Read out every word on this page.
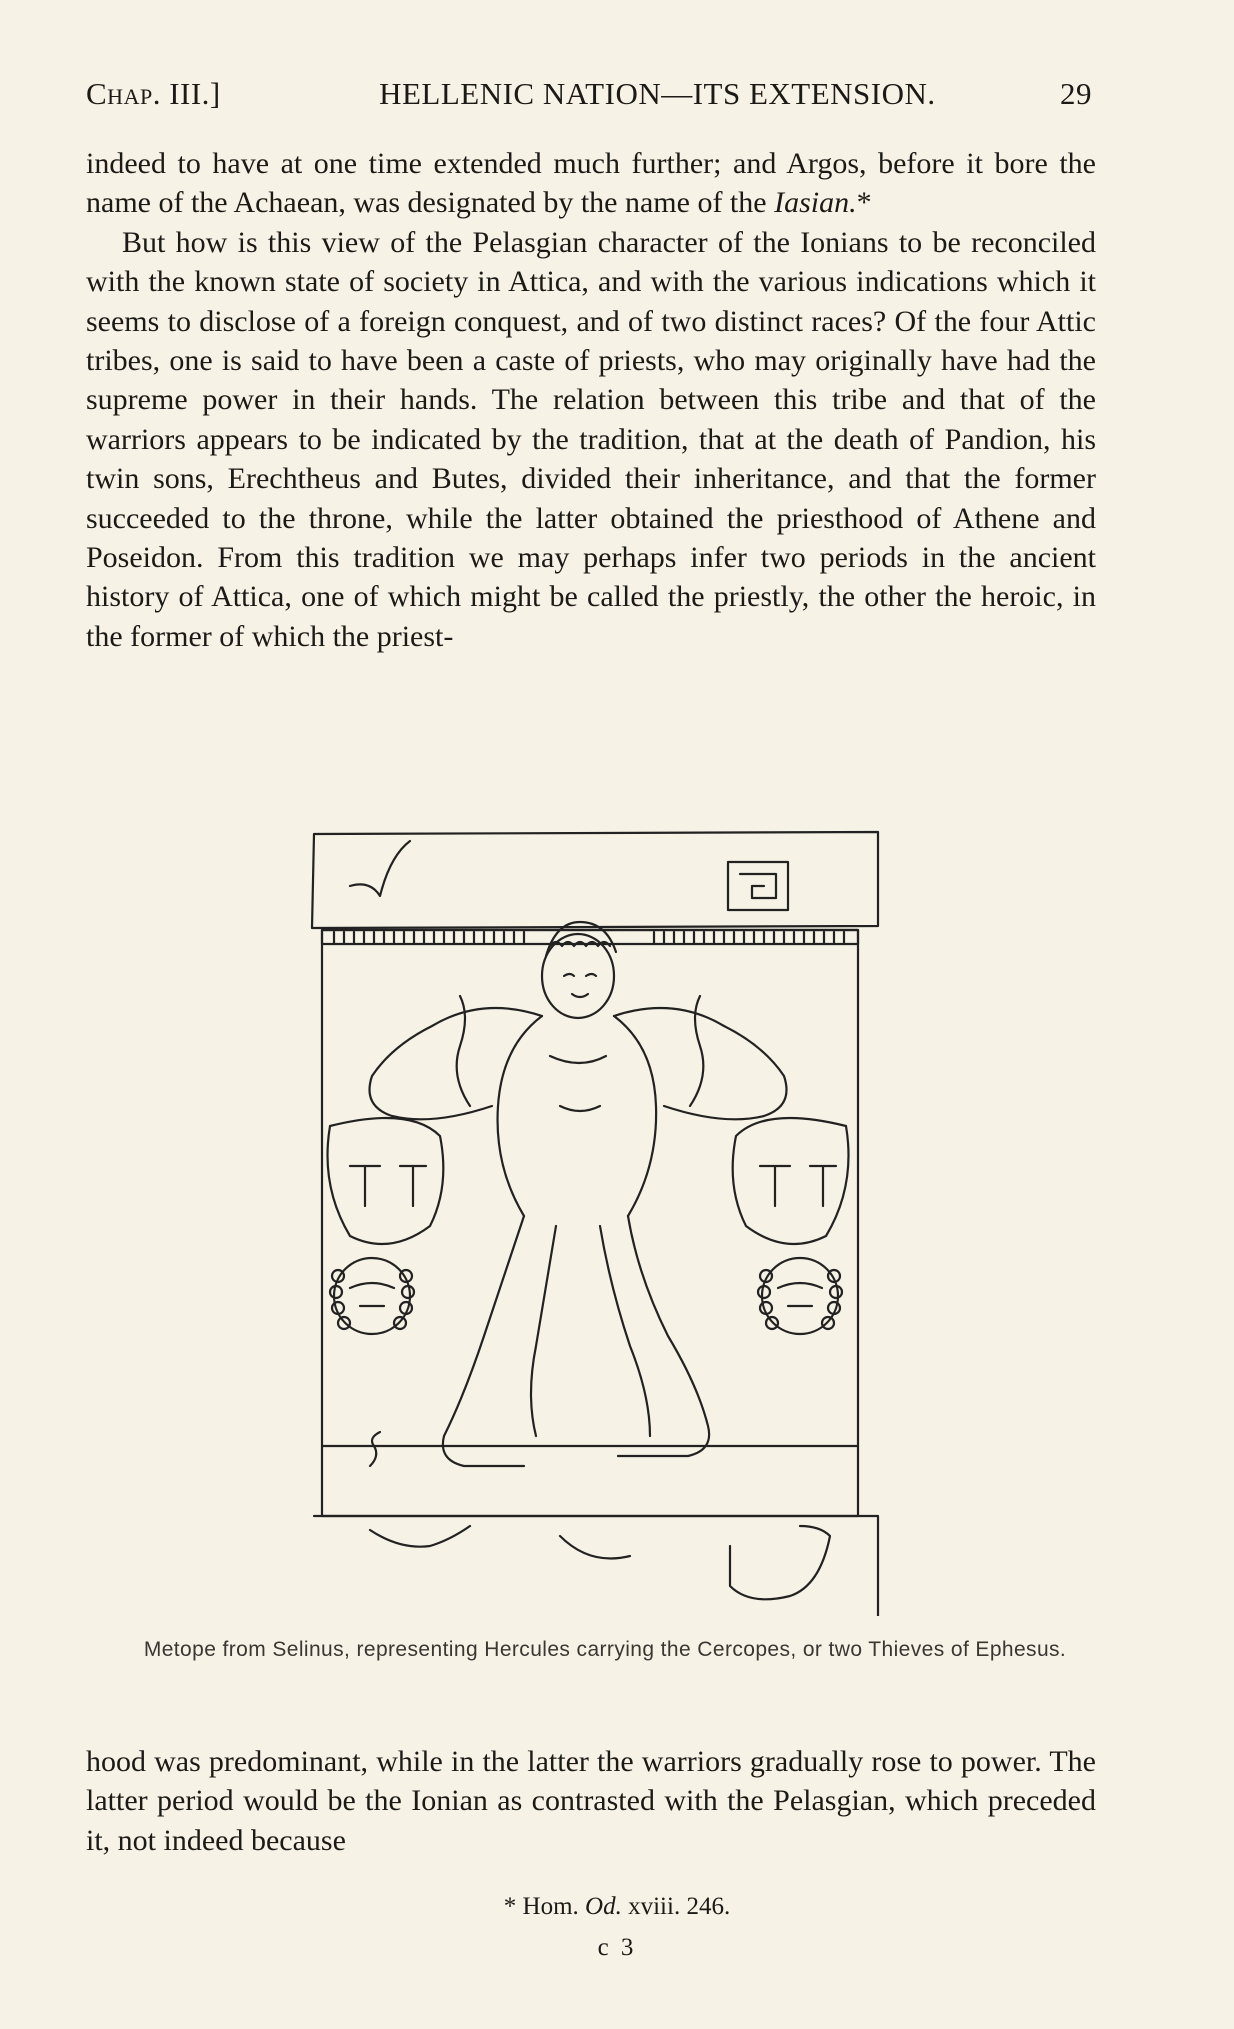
Chap. III.]	HELLENIC NATION—ITS EXTENSION.	29

indeed to have at one time extended much further; and Argos, before it bore the name of the Achaean, was designated by the name of the Iasian.*

But how is this view of the Pelasgian character of the Ionians to be reconciled with the known state of society in Attica, and with the various indications which it seems to disclose of a foreign conquest, and of two distinct races? Of the four Attic tribes, one is said to have been a caste of priests, who may originally have had the supreme power in their hands. The relation between this tribe and that of the warriors appears to be indicated by the tradition, that at the death of Pandion, his twin sons, Erechtheus and Butes, divided their inheritance, and that the former succeeded to the throne, while the latter obtained the priesthood of Athene and Poseidon. From this tradition we may perhaps infer two periods in the ancient history of Attica, one of which might be called the priestly, the other the heroic, in the former of which the priest-

Metope from Selinus, representing Hercules carrying the Cercopes, or two Thieves of Ephesus.

hood was predominant, while in the latter the warriors gradually rose to power. The latter period would be the Ionian as contrasted with the Pelasgian, which preceded it, not indeed because

* Hom. Od. xviii. 246.
c 3
